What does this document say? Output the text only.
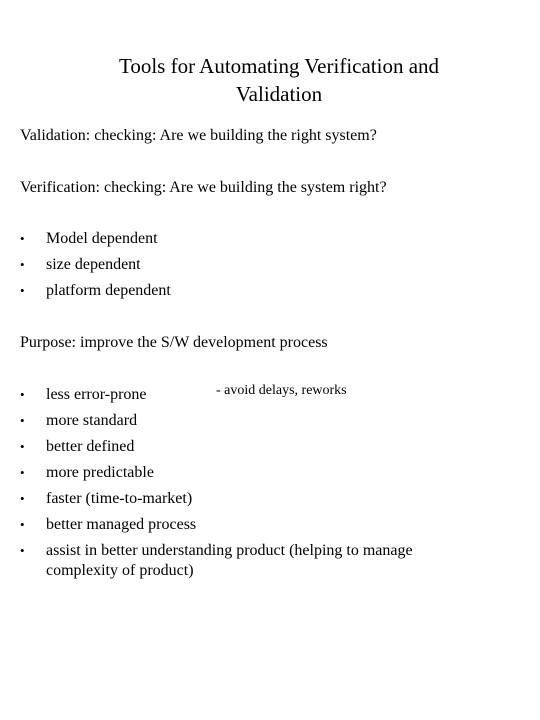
Tools for Automating Verification and
Validation

Validation: checking: Are we building the right system?

Verification: checking: Are we building the system right?

• Model dependent
• size dependent
• platform dependent

Purpose: improve the S/W development process

- avoid delays, reworks
• less error-prone
• more standard
• better defined
• more predictable
• faster (time-to-market)
• better managed process
•	assist in better understanding product (helping to manage complexity of product)
